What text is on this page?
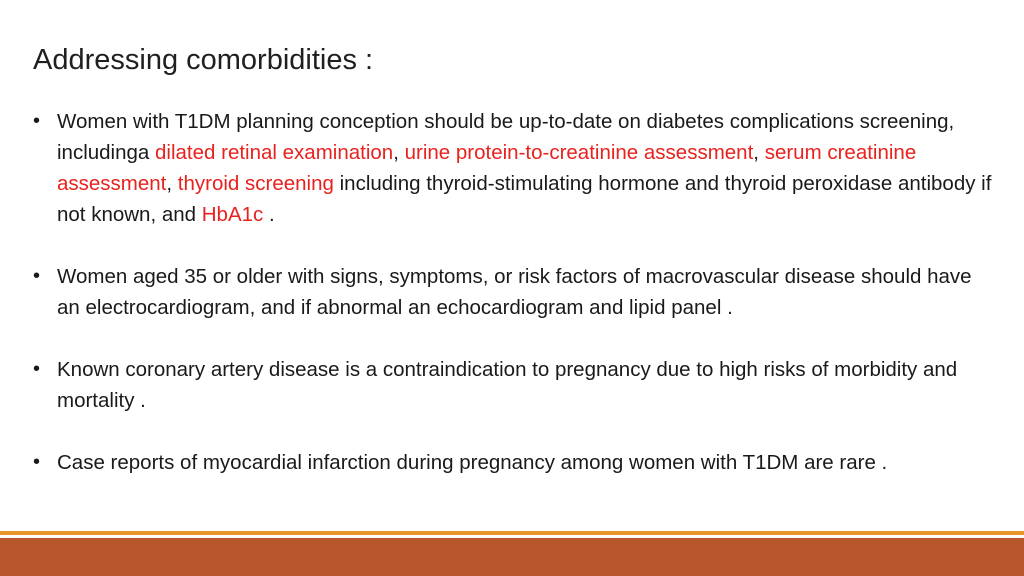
Addressing comorbidities :
• Women with T1DM planning conception should be up-to-date on diabetes complications screening, includinga dilated retinal examination, urine protein-to-creatinine assessment, serum creatinine assessment, thyroid screening including thyroid-stimulating hormone and thyroid peroxidase antibody if not known, and HbA1c .
• Women aged 35 or older with signs, symptoms, or risk factors of macrovascular disease should have an electrocardiogram, and if abnormal an echocardiogram and lipid panel .
• Known coronary artery disease is a contraindication to pregnancy due to high risks of morbidity and mortality .
• Case reports of myocardial infarction during pregnancy among women with T1DM are rare .
